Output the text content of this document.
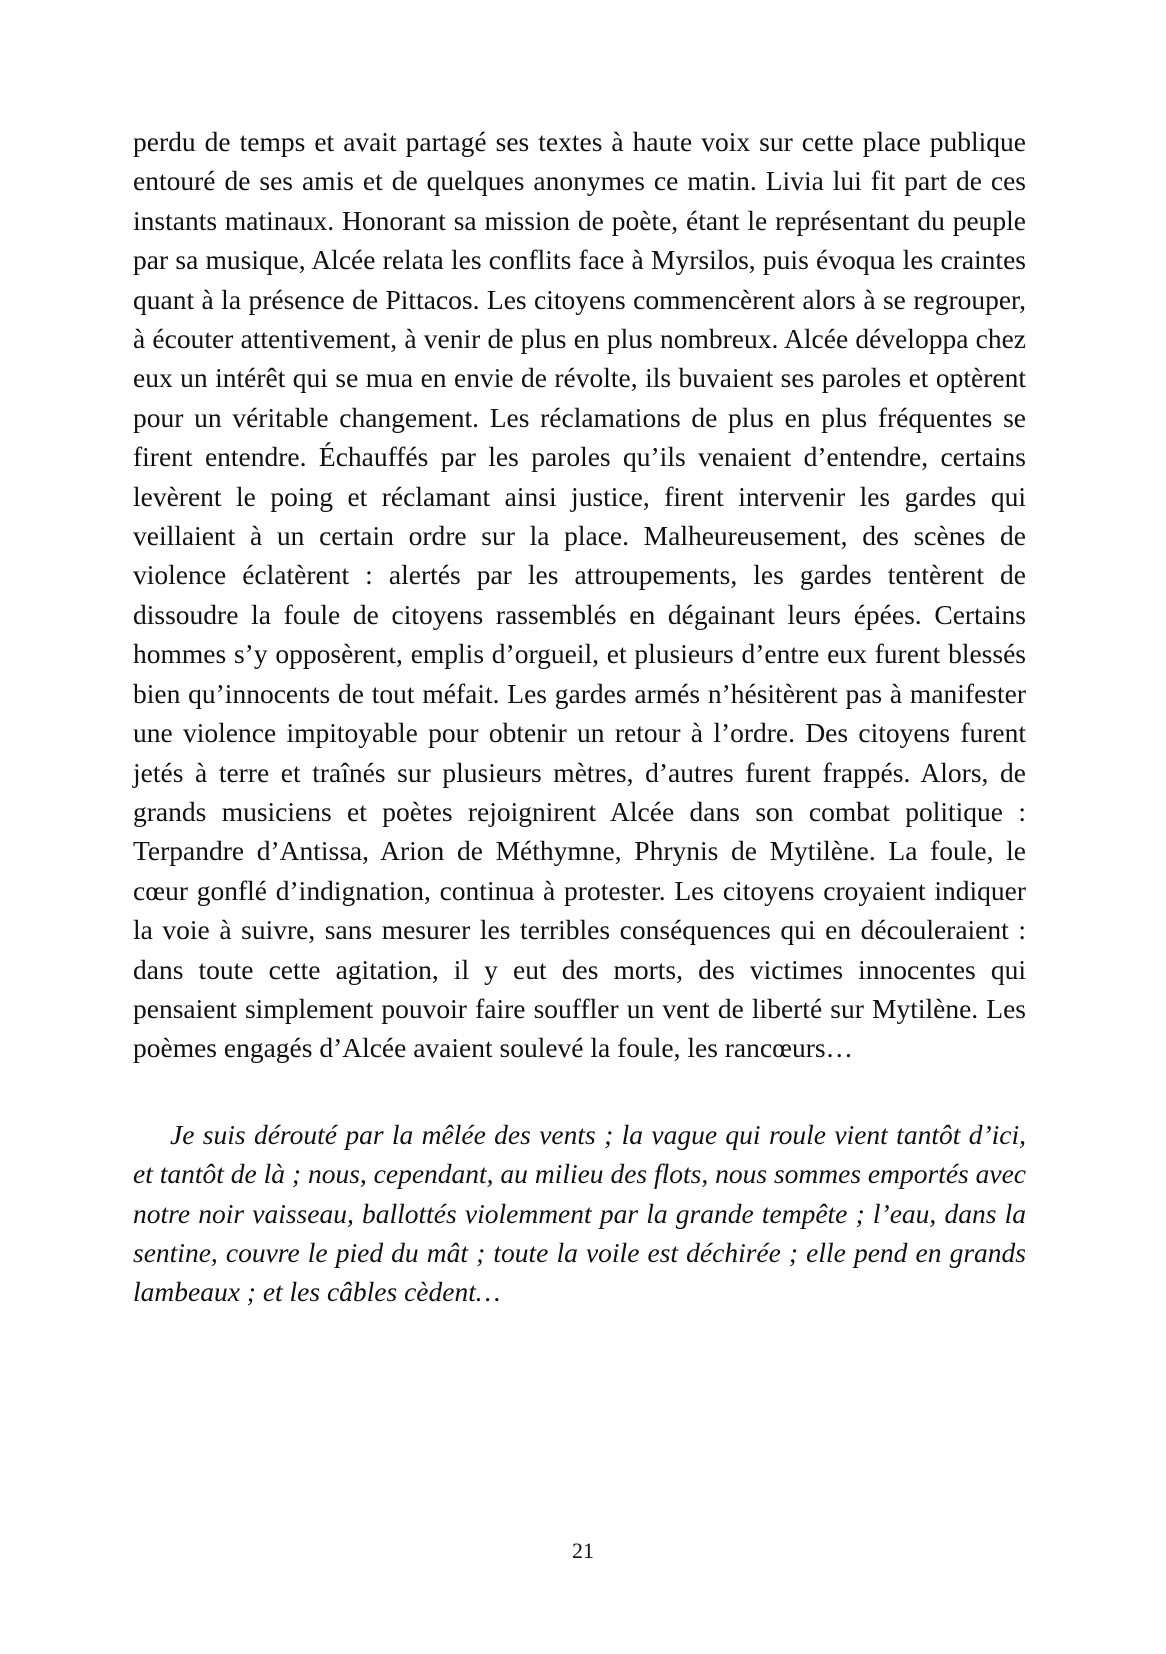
perdu de temps et avait partagé ses textes à haute voix sur cette place publique entouré de ses amis et de quelques anonymes ce matin. Livia lui fit part de ces instants matinaux. Honorant sa mission de poète, étant le représentant du peuple par sa musique, Alcée relata les conflits face à Myrsilos, puis évoqua les craintes quant à la présence de Pittacos. Les citoyens commencèrent alors à se regrouper, à écouter attentivement, à venir de plus en plus nombreux. Alcée développa chez eux un intérêt qui se mua en envie de révolte, ils buvaient ses paroles et optèrent pour un véritable changement. Les réclamations de plus en plus fréquentes se firent entendre. Échauffés par les paroles qu’ils venaient d’entendre, certains levèrent le poing et réclamant ainsi justice, firent intervenir les gardes qui veillaient à un certain ordre sur la place. Malheureusement, des scènes de violence éclatèrent : alertés par les attroupements, les gardes tentèrent de dissoudre la foule de citoyens rassemblés en dégainant leurs épées. Certains hommes s’y opposèrent, emplis d’orgueil, et plusieurs d’entre eux furent blessés bien qu’innocents de tout méfait. Les gardes armés n’hésitèrent pas à manifester une violence impitoyable pour obtenir un retour à l’ordre. Des citoyens furent jetés à terre et traînés sur plusieurs mètres, d’autres furent frappés. Alors, de grands musiciens et poètes rejoignirent Alcée dans son combat politique : Terpandre d’Antissa, Arion de Méthymne, Phrynis de Mytilène. La foule, le cœur gonflé d’indignation, continua à protester. Les citoyens croyaient indiquer la voie à suivre, sans mesurer les terribles conséquences qui en découleraient : dans toute cette agitation, il y eut des morts, des victimes innocentes qui pensaient simplement pouvoir faire souffler un vent de liberté sur Mytilène. Les poèmes engagés d’Alcée avaient soulevé la foule, les rancœurs…

Je suis dérouté par la mêlée des vents ; la vague qui roule vient tantôt d’ici, et tantôt de là ; nous, cependant, au milieu des flots, nous sommes emportés avec notre noir vaisseau, ballottés violemment par la grande tempête ; l’eau, dans la sentine, couvre le pied du mât ; toute la voile est déchirée ; elle pend en grands lambeaux ; et les câbles cèdent…

21
